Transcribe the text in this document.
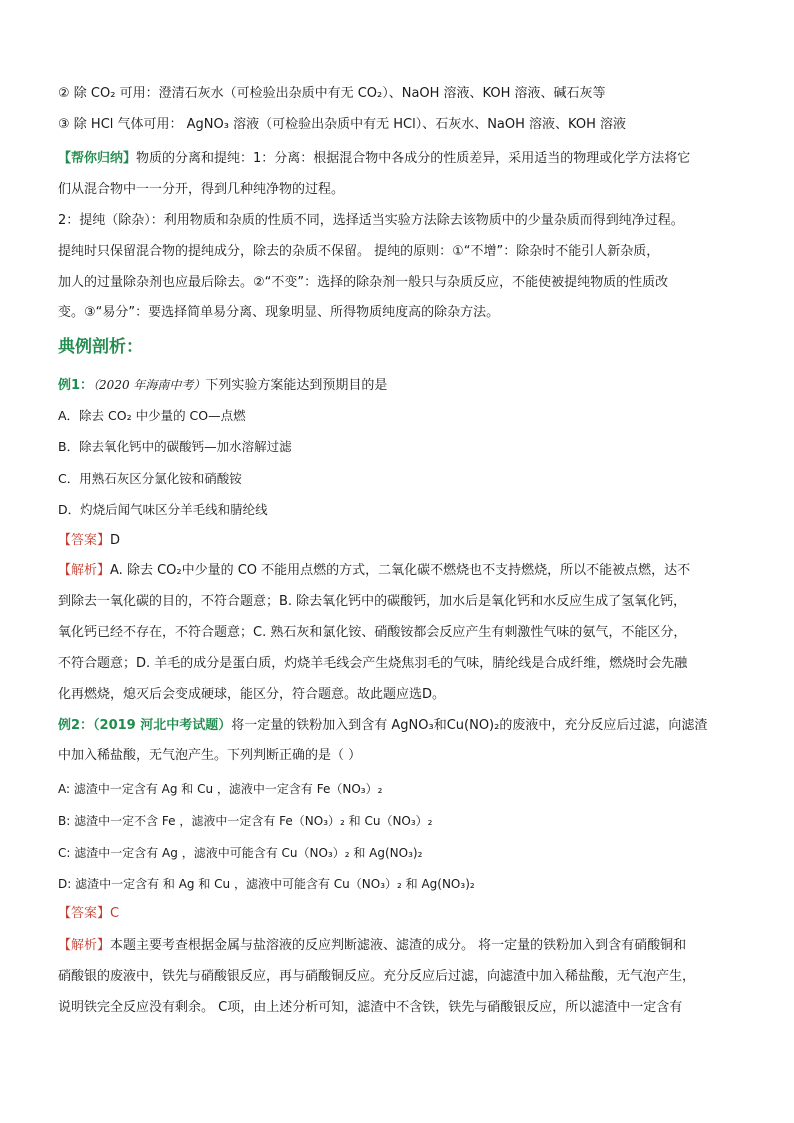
② 除 CO₂ 可用：澄清石灰水（可检验出杂质中有无 CO₂）、NaOH 溶液、KOH 溶液、碱石灰等
③ 除 HCl 气体可用： AgNO₃ 溶液（可检验出杂质中有无 HCl）、石灰水、NaOH 溶液、KOH 溶液
【帮你归纳】物质的分离和提纯：1：分离：根据混合物中各成分的性质差异，采用适当的物理或化学方法将它
们从混合物中一一分开，得到几种纯净物的过程。
2：提纯（除杂）：利用物质和杂质的性质不同，选择适当实验方法除去该物质中的少量杂质而得到纯净过程。
提纯时只保留混合物的提纯成分，除去的杂质不保留。 提纯的原则：①“不增”：除杂时不能引人新杂质，
加人的过量除杂剂也应最后除去。②“不变”：选择的除杂剂一般只与杂质反应，不能使被提纯物质的性质改
变。③“易分”：要选择简单易分离、现象明显、所得物质纯度高的除杂方法。
典例剖析：
例1：（2020 年海南中考）下列实验方案能达到预期目的是
A．除去 CO₂ 中少量的 CO—点燃
B．除去氧化钙中的碳酸钙—加水溶解过滤
C．用熟石灰区分氯化铵和硝酸铵
D．灼烧后闻气味区分羊毛线和腈纶线
【答案】D
【解析】A. 除去 CO₂中少量的 CO 不能用点燃的方式，二氧化碳不燃烧也不支持燃烧，所以不能被点燃，达不
到除去一氧化碳的目的，不符合题意；B. 除去氧化钙中的碳酸钙，加水后是氧化钙和水反应生成了氢氧化钙，
氧化钙已经不存在，不符合题意；C. 熟石灰和氯化铵、硝酸铵都会反应产生有刺激性气味的氨气，不能区分，
不符合题意；D. 羊毛的成分是蛋白质，灼烧羊毛线会产生烧焦羽毛的气味，腈纶线是合成纤维，燃烧时会先融
化再燃烧，熄灭后会变成硬球，能区分，符合题意。故此题应选D。
例2：（2019 河北中考试题）将一定量的铁粉加入到含有 AgNO₃和Cu(NO)₂的废液中，充分反应后过滤，向滤渣
中加入稀盐酸，无气泡产生。下列判断正确的是（ ）
A: 滤渣中一定含有 Ag 和 Cu ，滤液中一定含有 Fe（NO₃）₂
B: 滤渣中一定不含 Fe ，滤液中一定含有 Fe（NO₃）₂ 和 Cu（NO₃）₂
C: 滤渣中一定含有 Ag ，滤液中可能含有 Cu（NO₃）₂ 和 Ag(NO₃)₂
D: 滤渣中一定含有 和 Ag 和 Cu ，滤液中可能含有 Cu（NO₃）₂ 和 Ag(NO₃)₂
【答案】C
【解析】本题主要考查根据金属与盐溶液的反应判断滤液、滤渣的成分。 将一定量的铁粉加入到含有硝酸铜和
硝酸银的废液中，铁先与硝酸银反应，再与硝酸铜反应。充分反应后过滤，向滤渣中加入稀盐酸，无气泡产生，
说明铁完全反应没有剩余。 C项，由上述分析可知，滤渣中不含铁，铁先与硝酸银反应，所以滤渣中一定含有
